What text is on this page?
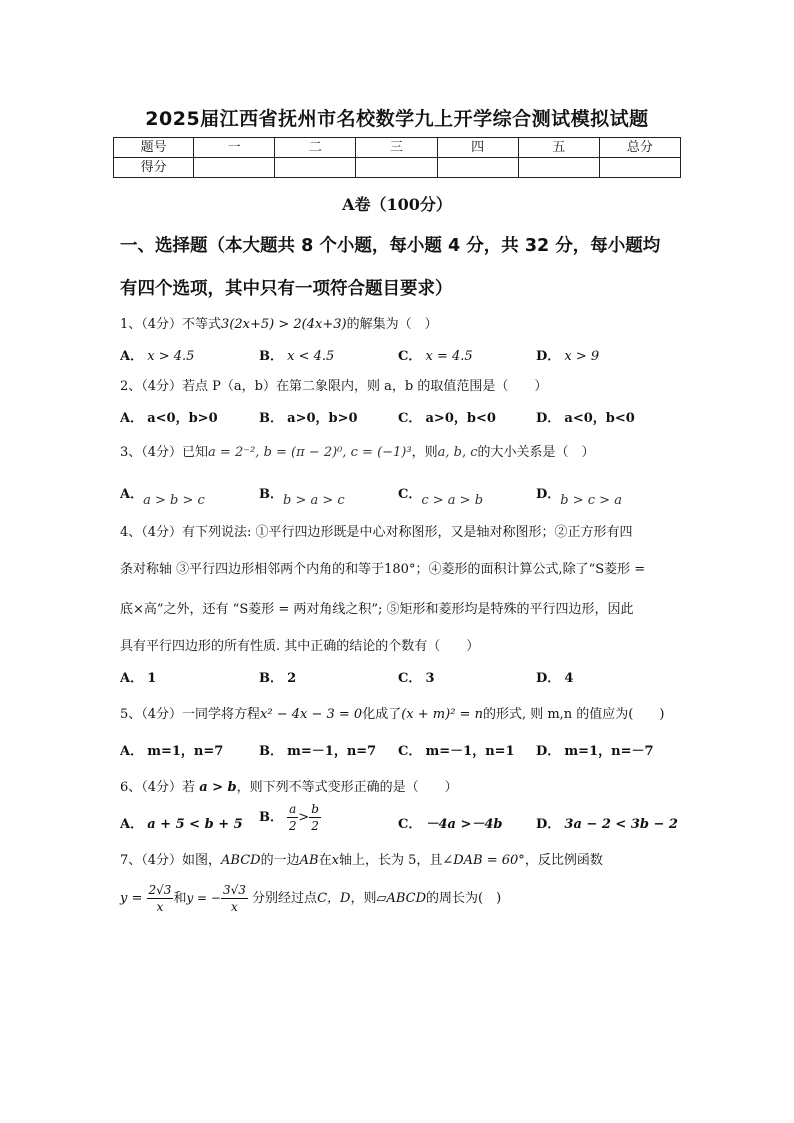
2025届江西省抚州市名校数学九上开学综合测试模拟试题
题号	一	二	三	四	五	总分
得分						
A卷（100分）
一、选择题（本大题共 8 个小题，每小题 4 分，共 32 分，每小题均
有四个选项，其中只有一项符合题目要求）
1、（4分）不等式3(2x+5) > 2(4x+3)的解集为（　）
A． x > 4.5	B． x < 4.5	C． x = 4.5	D． x > 9
2、（4分）若点 P（a，b）在第二象限内，则 a，b 的取值范围是（　　）
A． a<0，b>0	B． a>0，b>0	C． a>0，b<0	D． a<0，b<0
3、（4分）已知a = 2⁻², b = (π − 2)⁰, c = (−1)³，则a, b, c的大小关系是（　）
A．a > b > c	B．b > a > c	C．c > a > b	D．b > c > a
4、（4分）有下列说法: ①平行四边形既是中心对称图形，又是轴对称图形；②正方形有四
条对称轴 ③平行四边形相邻两个内角的和等于180°；④菱形的面积计算公式,除了“S菱形 =
底×高”之外，还有 “S菱形 = 两对角线之积”; ⑤矩形和菱形均是特殊的平行四边形，因此
具有平行四边形的所有性质. 其中正确的结论的个数有（　　）
A． 1	B． 2	C． 3	D． 4
5、（4分）一同学将方程x² − 4x − 3 = 0化成了(x + m)² = n的形式, 则 m,n 的值应为(　　)
A． m=1，n=7	B． m=－1，n=7 C． m=－1，n=1 D． m=1，n=－7
6、（4分）若 a > b，则下列不等式变形正确的是（　　）
A． a + 5 < b + 5 B． $\frac{a}{2} > \frac{b}{2}$	C． －4a >－4b	D． 3a − 2 < 3b − 2
7、（4分）如图，ABCD的一边AB在x轴上，长为 5，且∠DAB = 60°，反比例函数
$y = \frac{2√3}{x}$ 和y = − $\frac{3√3}{x}$ 分别经过点C，D，则▱ABCD的周长为(　)
